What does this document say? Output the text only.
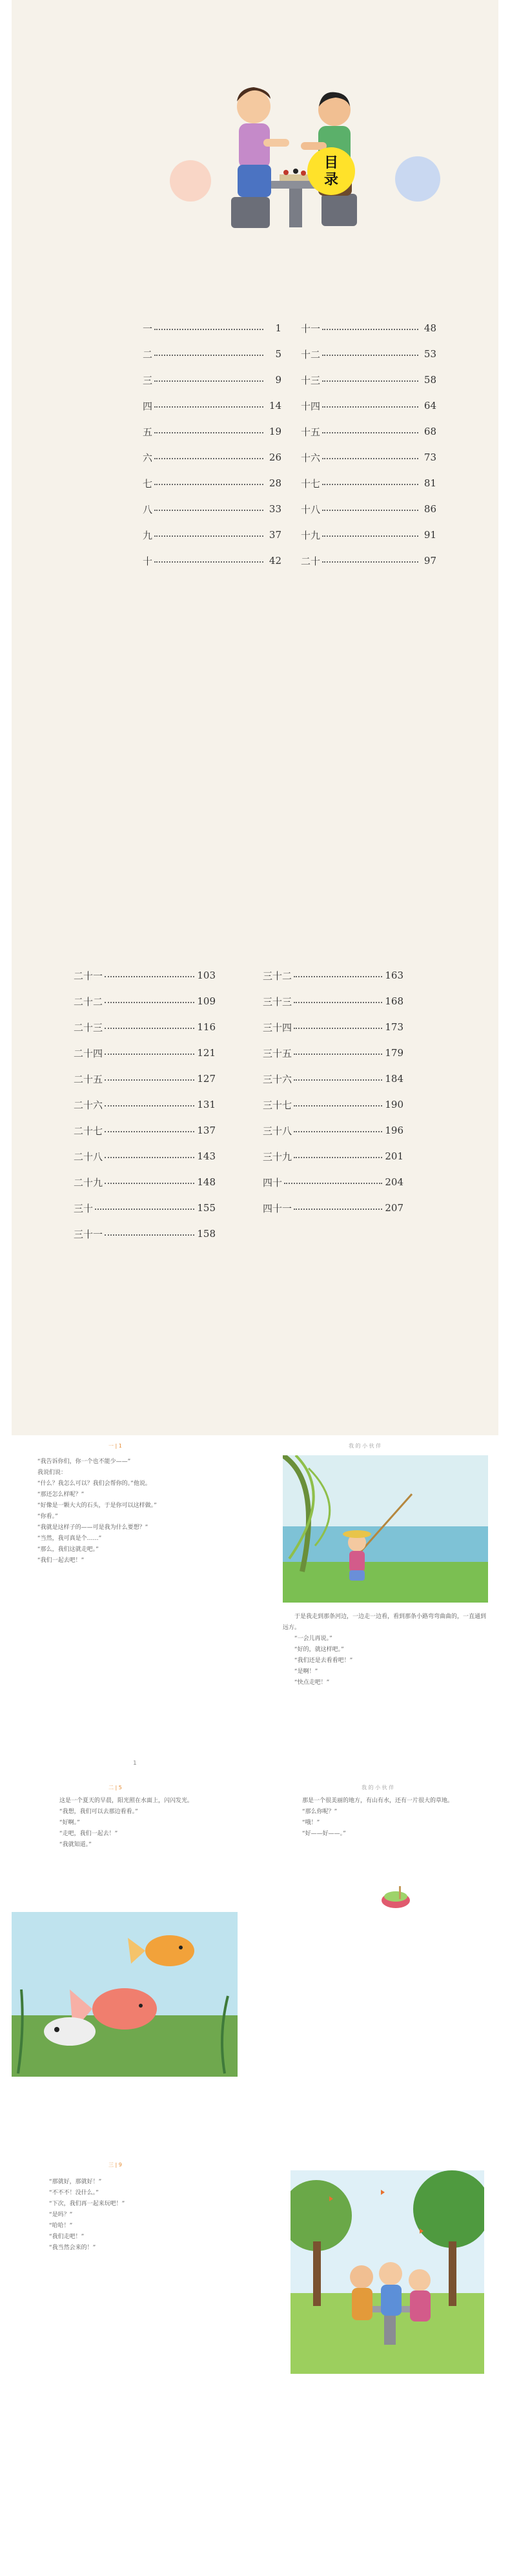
目
录
一	1
二	5
三	9
四	14
五	19
六	26
七	28
八	33
九	37
十	42
十一	48
十二	53
十三	58
十四	64
十五	68
十六	73
十七	81
十八	86
十九	91
二十	97
二十一	103
二十二	109
二十三	116
二十四	121
二十五	127
二十六	131
二十七	137
二十八	143
二十九	148
三十	155
三十一	158
三十二	163
三十三	168
三十四	173
三十五	179
三十六	184
三十七	190
三十八	196
三十九	201
四十	204
四十一	207
一 | 1

“我告诉你们，你一个也不能少——”

我说们说：

“什么？我怎么可以？我们会帮你的。”他说。

“那还怎么样呢？”

“好像是一颗大大的石头，于是你可以这样做。”

“你看。”

“我就是这样子的——可是我为什么要想？”

“当然，我可真是个……”

“那么，我们这就走吧。”

“我们一起去吧！”

1
我 的 小 伙 伴

于是我走到那条河边，一边走一边看，看到那条小路弯弯曲曲的，一直通到远方。

“一会儿再说。”

“好的，就这样吧。”

“我们还是去看看吧！”

“是啊！”

“快点走吧！”

二 | 5

这是一个夏天的早晨，阳光照在水面上，闪闪发光。

“我想，我们可以去那边看看。”

“好啊。”

“走吧，我们一起去！”

“我就知道。”

我 的 小 伙 伴

那是一个很美丽的地方，有山有水，还有一片很大的草地。

“那么你呢？”

“哦！”

“好——好——。”

三 | 9

“那就好，那就好！”

“不不不！没什么。”

“下次，我们再一起来玩吧！”

“是吗？”

“哈哈！”

“我们走吧！”

“我当然会来的！”
